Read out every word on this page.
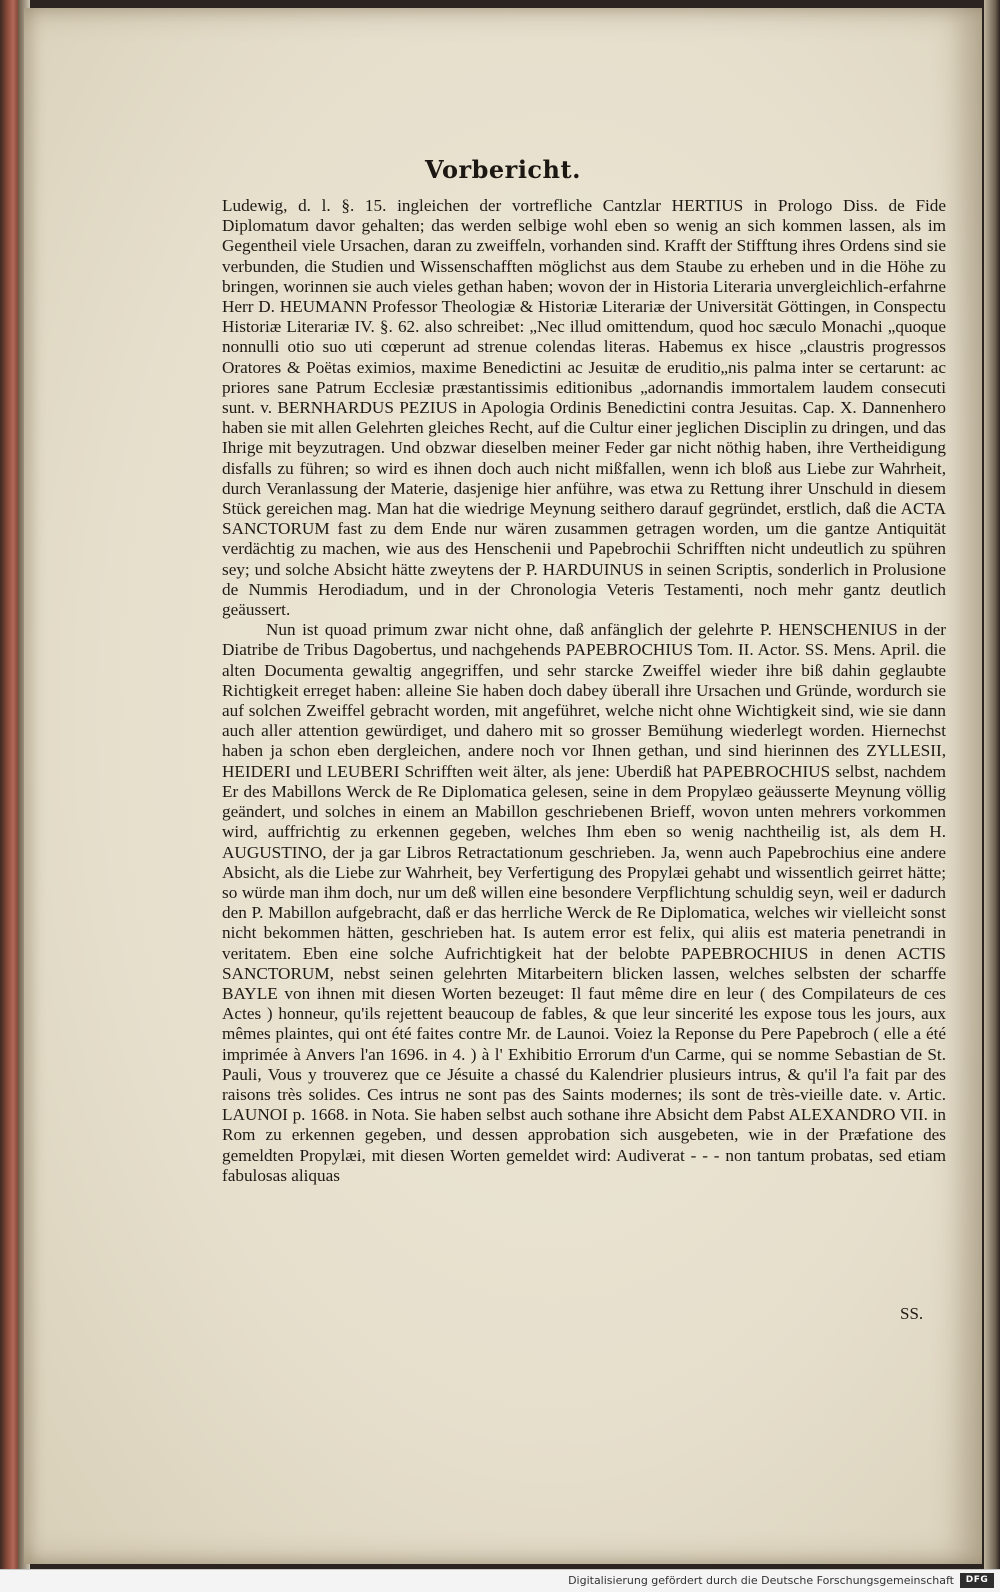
Vorbericht.

Ludewig, d. l. §. 15. ingleichen der vortrefliche Cantzlar HERTIUS in Prologo Diss. de Fide Diplomatum davor gehalten; das werden selbige wohl eben so wenig an sich kommen lassen, als im Gegentheil viele Ursachen, daran zu zweiffeln, vorhanden sind. Krafft der Stifftung ihres Ordens sind sie verbunden, die Studien und Wissenschafften möglichst aus dem Staube zu erheben und in die Höhe zu bringen, worinnen sie auch vieles gethan haben; wovon der in Historia Literaria unvergleichlich-erfahrne Herr D. HEUMANN Professor Theologiæ & Historiæ Literariæ der Universität Göttingen, in Conspectu Historiæ Literariæ IV. §. 62. also schreibet: „Nec illud omittendum, quod hoc sæculo Monachi „quoque nonnulli otio suo uti cœperunt ad strenue colendas literas. Habemus ex hisce „claustris progressos Oratores & Poëtas eximios, maxime Benedictini ac Jesuitæ de eruditio„nis palma inter se certarunt: ac priores sane Patrum Ecclesiæ præstantissimis editionibus „adornandis immortalem laudem consecuti sunt. v. BERNHARDUS PEZIUS in Apologia Ordinis Benedictini contra Jesuitas. Cap. X. Dannenhero haben sie mit allen Gelehrten gleiches Recht, auf die Cultur einer jeglichen Disciplin zu dringen, und das Ihrige mit beyzutragen. Und obzwar dieselben meiner Feder gar nicht nöthig haben, ihre Vertheidigung disfalls zu führen; so wird es ihnen doch auch nicht mißfallen, wenn ich bloß aus Liebe zur Wahrheit, durch Veranlassung der Materie, dasjenige hier anführe, was etwa zu Rettung ihrer Unschuld in diesem Stück gereichen mag. Man hat die wiedrige Meynung seithero darauf gegründet, erstlich, daß die ACTA SANCTORUM fast zu dem Ende nur wären zusammen getragen worden, um die gantze Antiquität verdächtig zu machen, wie aus des Henschenii und Papebrochii Schrifften nicht undeutlich zu spühren sey; und solche Absicht hätte zweytens der P. HARDUINUS in seinen Scriptis, sonderlich in Prolusione de Nummis Herodiadum, und in der Chronologia Veteris Testamenti, noch mehr gantz deutlich geäussert.

Nun ist quoad primum zwar nicht ohne, daß anfänglich der gelehrte P. HENSCHENIUS in der Diatribe de Tribus Dagobertus, und nachgehends PAPEBROCHIUS Tom. II. Actor. SS. Mens. April. die alten Documenta gewaltig angegriffen, und sehr starcke Zweiffel wieder ihre biß dahin geglaubte Richtigkeit erreget haben: alleine Sie haben doch dabey überall ihre Ursachen und Gründe, wordurch sie auf solchen Zweiffel gebracht worden, mit angeführet, welche nicht ohne Wichtigkeit sind, wie sie dann auch aller attention gewürdiget, und dahero mit so grosser Bemühung wiederlegt worden. Hiernechst haben ja schon eben dergleichen, andere noch vor Ihnen gethan, und sind hierinnen des ZYLLESII, HEIDERI und LEUBERI Schrifften weit älter, als jene: Uberdiß hat PAPEBROCHIUS selbst, nachdem Er des Mabillons Werck de Re Diplomatica gelesen, seine in dem Propylæo geäusserte Meynung völlig geändert, und solches in einem an Mabillon geschriebenen Brieff, wovon unten mehrers vorkommen wird, auffrichtig zu erkennen gegeben, welches Ihm eben so wenig nachtheilig ist, als dem H. AUGUSTINO, der ja gar Libros Retractationum geschrieben. Ja, wenn auch Papebrochius eine andere Absicht, als die Liebe zur Wahrheit, bey Verfertigung des Propylæi gehabt und wissentlich geirret hätte; so würde man ihm doch, nur um deß willen eine besondere Verpflichtung schuldig seyn, weil er dadurch den P. Mabillon aufgebracht, daß er das herrliche Werck de Re Diplomatica, welches wir vielleicht sonst nicht bekommen hätten, geschrieben hat. Is autem error est felix, qui aliis est materia penetrandi in veritatem. Eben eine solche Aufrichtigkeit hat der belobte PAPEBROCHIUS in denen ACTIS SANCTORUM, nebst seinen gelehrten Mitarbeitern blicken lassen, welches selbsten der scharffe BAYLE von ihnen mit diesen Worten bezeuget: Il faut même dire en leur ( des Compilateurs de ces Actes ) honneur, qu'ils rejettent beaucoup de fables, & que leur sincerité les expose tous les jours, aux mêmes plaintes, qui ont été faites contre Mr. de Launoi. Voiez la Reponse du Pere Papebroch ( elle a été imprimée à Anvers l'an 1696. in 4. ) à l' Exhibitio Errorum d'un Carme, qui se nomme Sebastian de St. Pauli, Vous y trouverez que ce Jésuite a chassé du Kalendrier plusieurs intrus, & qu'il l'a fait par des raisons très solides. Ces intrus ne sont pas des Saints modernes; ils sont de très-vieille date. v. Artic. LAUNOI p. 1668. in Nota. Sie haben selbst auch sothane ihre Absicht dem Pabst ALEXANDRO VII. in Rom zu erkennen gegeben, und dessen approbation sich ausgebeten, wie in der Præfatione des gemeldten Propylæi, mit diesen Worten gemeldet wird: Audiverat - - - non tantum probatas, sed etiam fabulosas aliquas

SS.
Digitalisierung gefördert durch die Deutsche Forschungsgemeinschaft	DFG
